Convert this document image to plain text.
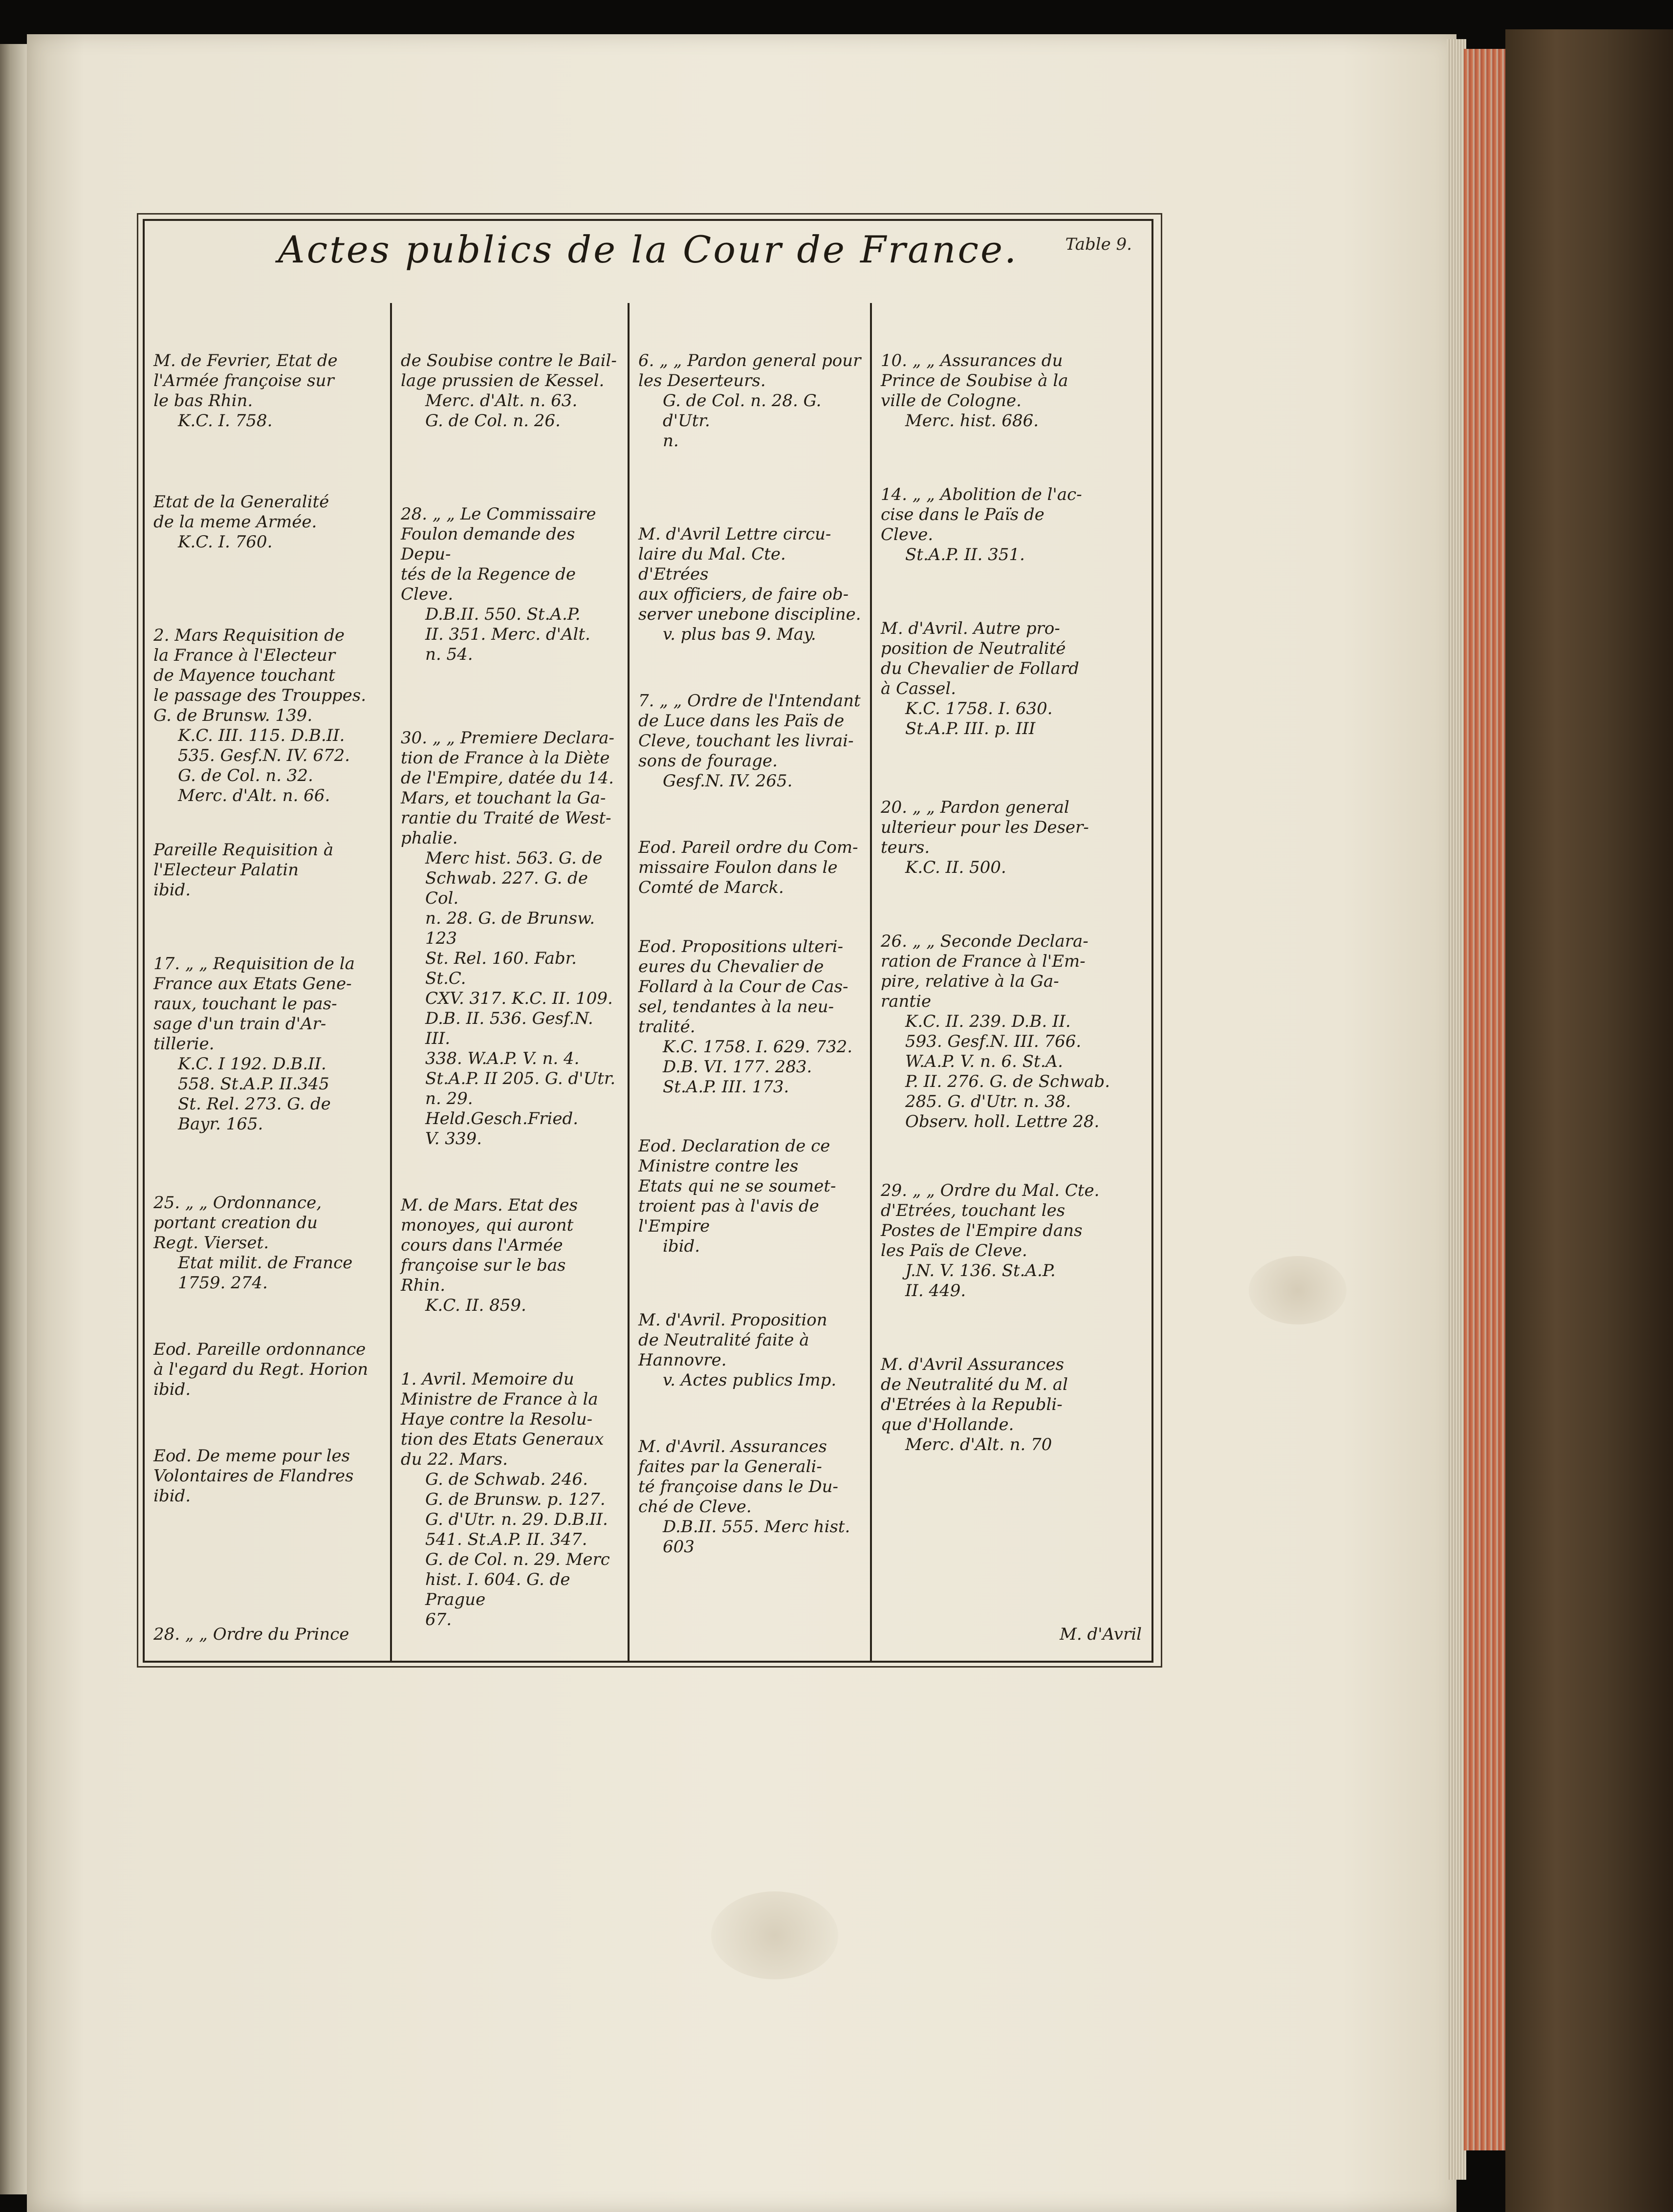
Actes publics de la Cour de France.	Table 9.

M. de Fevrier, Etat de
l'Armée françoise sur
le bas Rhin.

K.C. I. 758.

Etat de la Generalité
de la meme Armée.

K.C. I. 760.

2. Mars Requisition de
la France à l'Electeur
de Mayence touchant
le passage des Trouppes.
G. de Brunsw. 139.

K.C. III. 115. D.B.II.
535. Gesf.N. IV. 672.
G. de Col. n. 32.
Merc. d'Alt. n. 66.

Pareille Requisition à
l'Electeur Palatin
ibid.

17. „ „ Requisition de la
France aux Etats Gene-
raux, touchant le pas-
sage d'un train d'Ar-
tillerie.

K.C. I 192. D.B.II.
558. St.A.P. II.345
St. Rel. 273. G. de
Bayr. 165.

25. „ „ Ordonnance,
portant creation du
Regt. Vierset.

Etat milit. de France
1759. 274.

Eod. Pareille ordonnance
à l'egard du Regt. Horion
ibid.

Eod. De meme pour les
Volontaires de Flandres
ibid.

28. „ „ Ordre du Prince

de Soubise contre le Bail-
lage prussien de Kessel.

Merc. d'Alt. n. 63.
G. de Col. n. 26.

28. „ „ Le Commissaire
Foulon demande des Depu-
tés de la Regence de Cleve.

D.B.II. 550. St.A.P.
II. 351. Merc. d'Alt.
n. 54.

30. „ „ Premiere Declara-
tion de France à la Diète
de l'Empire, datée du 14.
Mars, et touchant la Ga-
rantie du Traité de West-
phalie.

Merc hist. 563. G. de
Schwab. 227. G. de Col.
n. 28. G. de Brunsw. 123
St. Rel. 160. Fabr. St.C.
CXV. 317. K.C. II. 109.
D.B. II. 536. Gesf.N. III.
338. W.A.P. V. n. 4.
St.A.P. II 205. G. d'Utr.
n. 29. Held.Gesch.Fried.
V. 339.

M. de Mars. Etat des
monoyes, qui auront
cours dans l'Armée
françoise sur le bas
Rhin.

K.C. II. 859.

1. Avril. Memoire du
Ministre de France à la
Haye contre la Resolu-
tion des Etats Generaux
du 22. Mars.

G. de Schwab. 246.
G. de Brunsw. p. 127.
G. d'Utr. n. 29. D.B.II.
541. St.A.P. II. 347.
G. de Col. n. 29. Merc
hist. I. 604. G. de Prague
67.

6. „ „ Pardon general pour
les Deserteurs.

G. de Col. n. 28. G. d'Utr.
n.

M. d'Avril Lettre circu-
laire du Mal. Cte. d'Etrées
aux officiers, de faire ob-
server unebone discipline.

v. plus bas 9. May.

7. „ „ Ordre de l'Intendant
de Luce dans les Païs de
Cleve, touchant les livrai-
sons de fourage.

Gesf.N. IV. 265.

Eod. Pareil ordre du Com-
missaire Foulon dans le
Comté de Marck.

Eod. Propositions ulteri-
eures du Chevalier de
Follard à la Cour de Cas-
sel, tendantes à la neu-
tralité.

K.C. 1758. I. 629. 732.
D.B. VI. 177. 283.
St.A.P. III. 173.

Eod. Declaration de ce
Ministre contre les
Etats qui ne se soumet-
troient pas à l'avis de
l'Empire

ibid.

M. d'Avril. Proposition
de Neutralité faite à
Hannovre.

v. Actes publics Imp.

M. d'Avril. Assurances
faites par la Generali-
té françoise dans le Du-
ché de Cleve.

D.B.II. 555. Merc hist.
603

10. „ „ Assurances du
Prince de Soubise à la
ville de Cologne.

Merc. hist. 686.

14. „ „ Abolition de l'ac-
cise dans le Païs de
Cleve.

St.A.P. II. 351.

M. d'Avril. Autre pro-
position de Neutralité
du Chevalier de Follard
à Cassel.

K.C. 1758. I. 630.
St.A.P. III. p. III

20. „ „ Pardon general
ulterieur pour les Deser-
teurs.

K.C. II. 500.

26. „ „ Seconde Declara-
ration de France à l'Em-
pire, relative à la Ga-
rantie

K.C. II. 239. D.B. II.
593. Gesf.N. III. 766.
W.A.P. V. n. 6. St.A.
P. II. 276. G. de Schwab.
285. G. d'Utr. n. 38.
Observ. holl. Lettre 28.

29. „ „ Ordre du Mal. Cte.
d'Etrées, touchant les
Postes de l'Empire dans
les Païs de Cleve.

J.N. V. 136. St.A.P.
II. 449.

M. d'Avril Assurances
de Neutralité du M. al
d'Etrées à la Republi-
que d'Hollande.

Merc. d'Alt. n. 70

M. d'Avril
